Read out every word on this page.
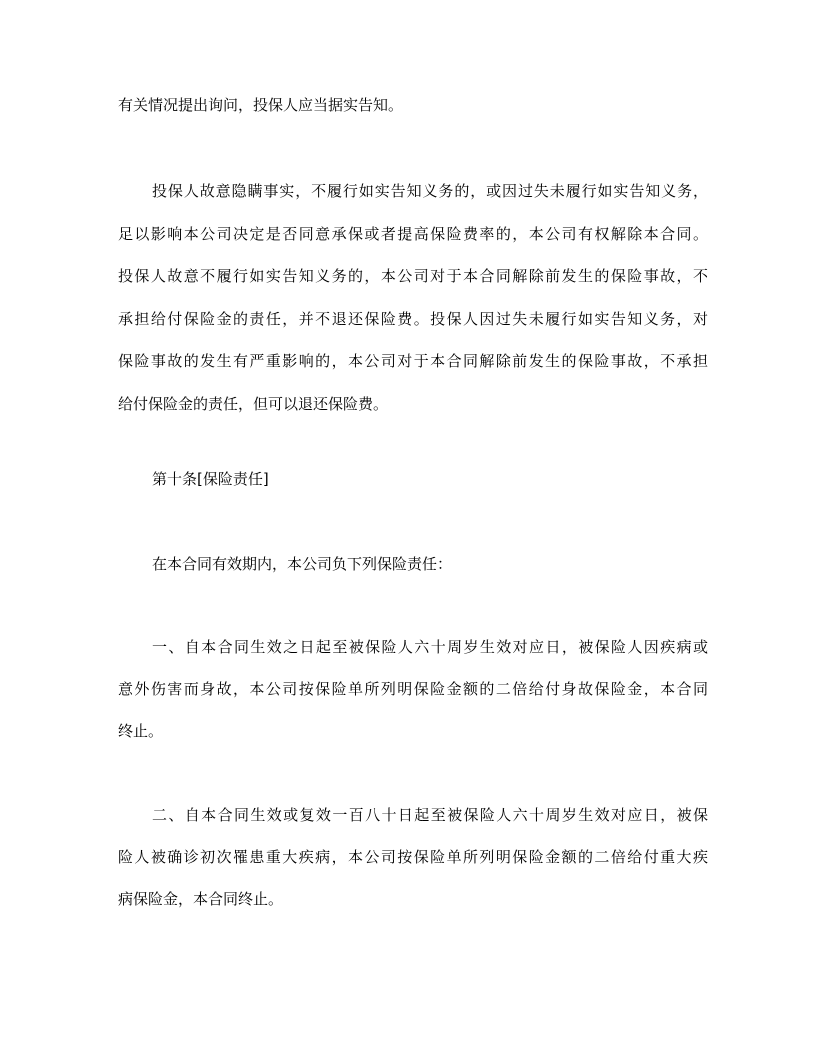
有关情况提出询问，投保人应当据实告知。
投保人故意隐瞒事实，不履行如实告知义务的，或因过失未履行如实告知义务，
足以影响本公司决定是否同意承保或者提高保险费率的，本公司有权解除本合同。
投保人故意不履行如实告知义务的，本公司对于本合同解除前发生的保险事故，不
承担给付保险金的责任，并不退还保险费。投保人因过失未履行如实告知义务，对
保险事故的发生有严重影响的，本公司对于本合同解除前发生的保险事故，不承担
给付保险金的责任，但可以退还保险费。
第十条[保险责任]
在本合同有效期内，本公司负下列保险责任：
一、自本合同生效之日起至被保险人六十周岁生效对应日，被保险人因疾病或
意外伤害而身故，本公司按保险单所列明保险金额的二倍给付身故保险金，本合同
终止。
二、自本合同生效或复效一百八十日起至被保险人六十周岁生效对应日，被保
险人被确诊初次罹患重大疾病，本公司按保险单所列明保险金额的二倍给付重大疾
病保险金，本合同终止。
